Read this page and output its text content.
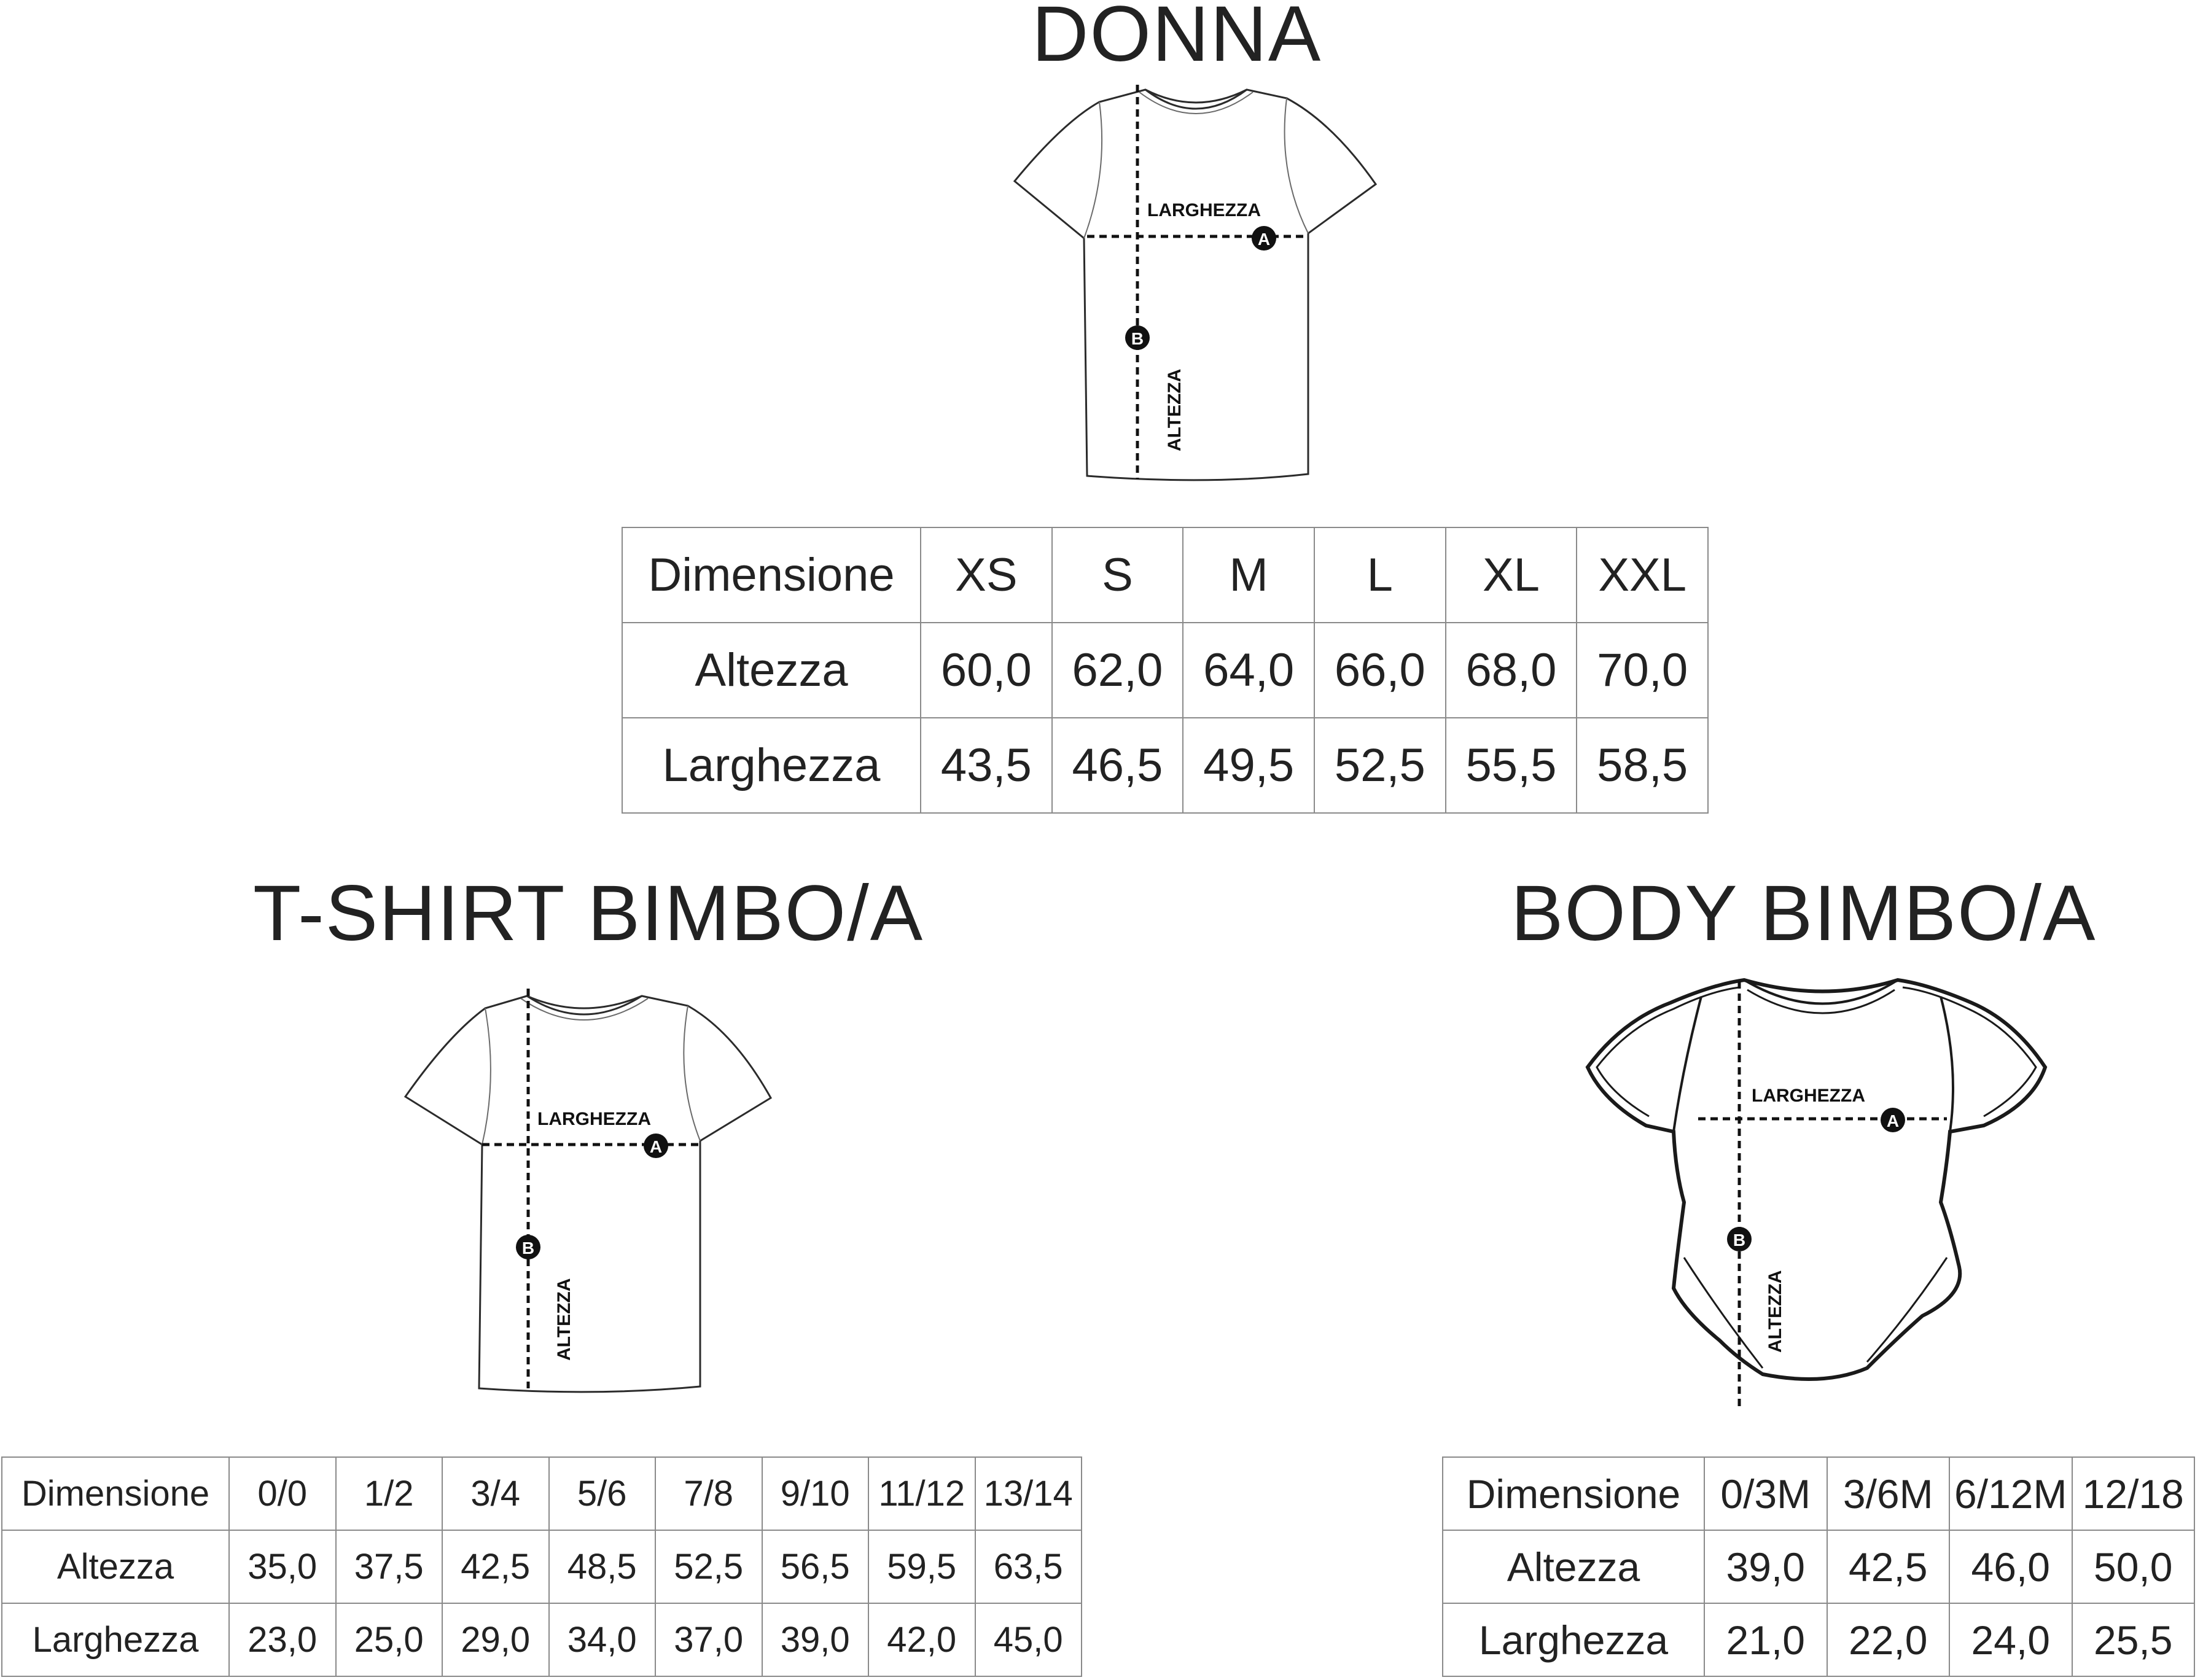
DONNA
LARGHEZZA
A
B
ALTEZZA
Dimensione	XS	S	M	L	XL	XXL
Altezza	60,0	62,0	64,0	66,0	68,0	70,0
Larghezza	43,5	46,5	49,5	52,5	55,5	58,5
T-SHIRT BIMBO/A
LARGHEZZA
A
B
ALTEZZA
Dimensione	0/0	1/2	3/4	5/6	7/8	9/10	11/12	13/14
Altezza	35,0	37,5	42,5	48,5	52,5	56,5	59,5	63,5
Larghezza	23,0	25,0	29,0	34,0	37,0	39,0	42,0	45,0
BODY BIMBO/A
LARGHEZZA
A
B
ALTEZZA
Dimensione	0/3M	3/6M	6/12M	12/18
Altezza	39,0	42,5	46,0	50,0
Larghezza	21,0	22,0	24,0	25,5
